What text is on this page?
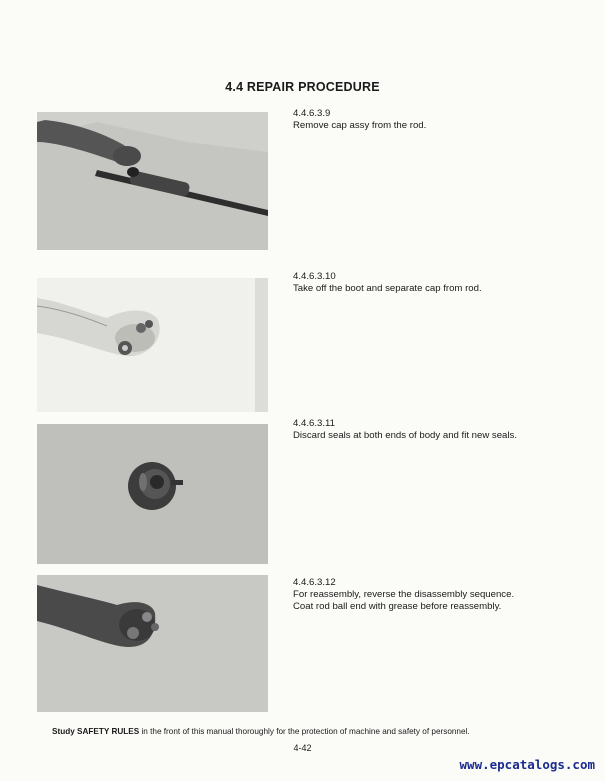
4.4 REPAIR PROCEDURE
4.4.6.3.9
Remove cap assy from the rod.
4.4.6.3.10
Take off the boot and separate cap from rod.
4.4.6.3.11
Discard seals at both ends of body and fit new seals.
4.4.6.3.12
For reassembly, reverse the disassembly sequence.
Coat rod ball end with grease before reassembly.
Study SAFETY RULES in the front of this manual thoroughly for the protection of machine and safety of personnel.
4-42
www.epcatalogs.com
